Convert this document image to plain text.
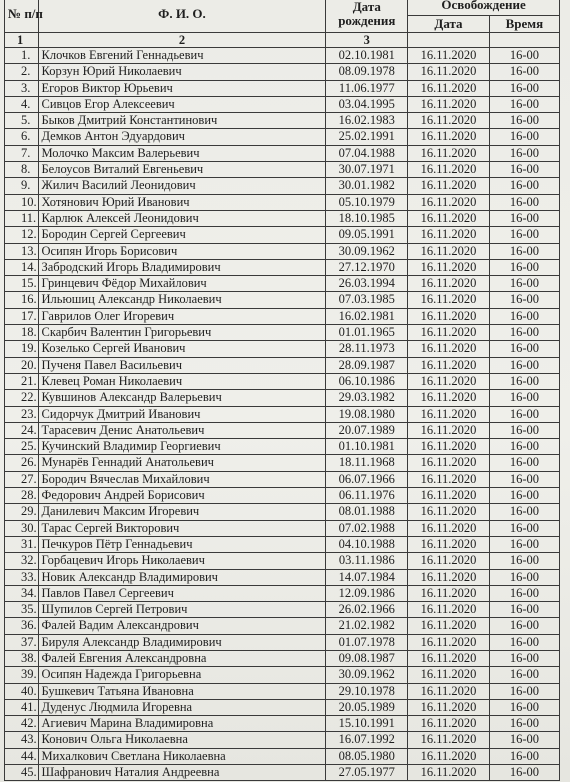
№ п/п	Ф. И. О.	Дата рождения	Освобождение	
			Дата	Время
1	2	3		
1.	Клочков Евгений Геннадьевич	02.10.1981	16.11.2020	16-00
2.	Корзун Юрий Николаевич	08.09.1978	16.11.2020	16-00
3.	Егоров Виктор Юрьевич	11.06.1977	16.11.2020	16-00
4.	Сивцов Егор Алексеевич	03.04.1995	16.11.2020	16-00
5.	Быков Дмитрий Константинович	16.02.1983	16.11.2020	16-00
6.	Демков Антон Эдуардович	25.02.1991	16.11.2020	16-00
7.	Молочко Максим Валерьевич	07.04.1988	16.11.2020	16-00
8.	Белоусов Виталий Евгеньевич	30.07.1971	16.11.2020	16-00
9.	Жилич Василий Леонидович	30.01.1982	16.11.2020	16-00
10.	Хотянович Юрий Иванович	05.10.1979	16.11.2020	16-00
11.	Карлюк Алексей Леонидович	18.10.1985	16.11.2020	16-00
12.	Бородин Сергей Сергеевич	09.05.1991	16.11.2020	16-00
13.	Осипян Игорь Борисович	30.09.1962	16.11.2020	16-00
14.	Забродский Игорь Владимирович	27.12.1970	16.11.2020	16-00
15.	Гринцевич Фёдор Михайлович	26.03.1994	16.11.2020	16-00
16.	Ильюшиц Александр Николаевич	07.03.1985	16.11.2020	16-00
17.	Гаврилов Олег Игоревич	16.02.1981	16.11.2020	16-00
18.	Скарбич Валентин Григорьевич	01.01.1965	16.11.2020	16-00
19.	Козелько Сергей Иванович	28.11.1973	16.11.2020	16-00
20.	Пученя Павел Васильевич	28.09.1987	16.11.2020	16-00
21.	Клевец Роман Николаевич	06.10.1986	16.11.2020	16-00
22.	Кувшинов Александр Валерьевич	29.03.1982	16.11.2020	16-00
23.	Сидорчук Дмитрий Иванович	19.08.1980	16.11.2020	16-00
24.	Тарасевич Денис Анатольевич	20.07.1989	16.11.2020	16-00
25.	Кучинский Владимир Георгиевич	01.10.1981	16.11.2020	16-00
26.	Мунарёв Геннадий Анатольевич	18.11.1968	16.11.2020	16-00
27.	Бородич Вячеслав Михайлович	06.07.1966	16.11.2020	16-00
28.	Федорович Андрей Борисович	06.11.1976	16.11.2020	16-00
29.	Данилевич Максим Игоревич	08.01.1988	16.11.2020	16-00
30.	Тарас Сергей Викторович	07.02.1988	16.11.2020	16-00
31.	Печкуров Пётр Геннадьевич	04.10.1988	16.11.2020	16-00
32.	Горбацевич Игорь Николаевич	03.11.1986	16.11.2020	16-00
33.	Новик Александр Владимирович	14.07.1984	16.11.2020	16-00
34.	Павлов Павел Сергеевич	12.09.1986	16.11.2020	16-00
35.	Шупилов Сергей Петрович	26.02.1966	16.11.2020	16-00
36.	Фалей Вадим Александрович	21.02.1982	16.11.2020	16-00
37.	Бируля Александр Владимирович	01.07.1978	16.11.2020	16-00
38.	Фалей Евгения Александровна	09.08.1987	16.11.2020	16-00
39.	Осипян Надежда Григорьевна	30.09.1962	16.11.2020	16-00
40.	Бушкевич Татьяна Ивановна	29.10.1978	16.11.2020	16-00
41.	Дуденус Людмила Игоревна	20.05.1989	16.11.2020	16-00
42.	Агиевич Марина Владимировна	15.10.1991	16.11.2020	16-00
43.	Конович Ольга Николаевна	16.07.1992	16.11.2020	16-00
44.	Михалкович Светлана Николаевна	08.05.1980	16.11.2020	16-00
45.	Шафранович Наталия Андреевна	27.05.1977	16.11.2020	16-00
